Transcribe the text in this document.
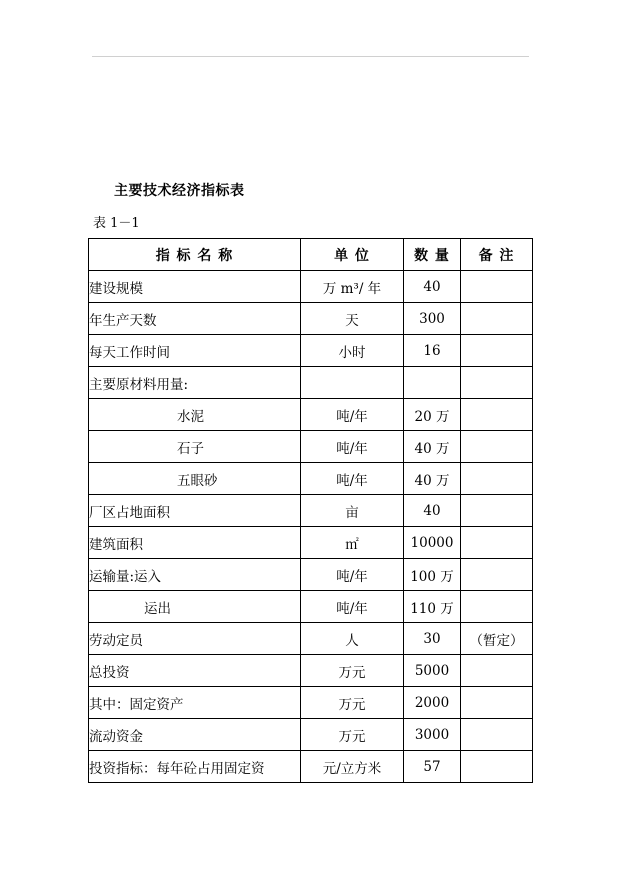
主要技术经济指标表
表 1－1
指 标 名 称	单 位	数 量	备 注
建设规模	万 m³/ 年	40	
年生产天数	天	300	
每天工作时间	小时	16	
主要原材料用量:			
水泥	吨/年	20 万	
石子	吨/年	40 万	
五眼砂	吨/年	40 万	
厂区占地面积	亩	40	
建筑面积	㎡	10000	
运输量:运入	吨/年	100 万	
运出	吨/年	110 万	
劳动定员	人	30	（暂定）
总投资	万元	5000	
其中：固定资产	万元	2000	
流动资金	万元	3000	
投资指标：每年砼占用固定资	元/立方米	57	
